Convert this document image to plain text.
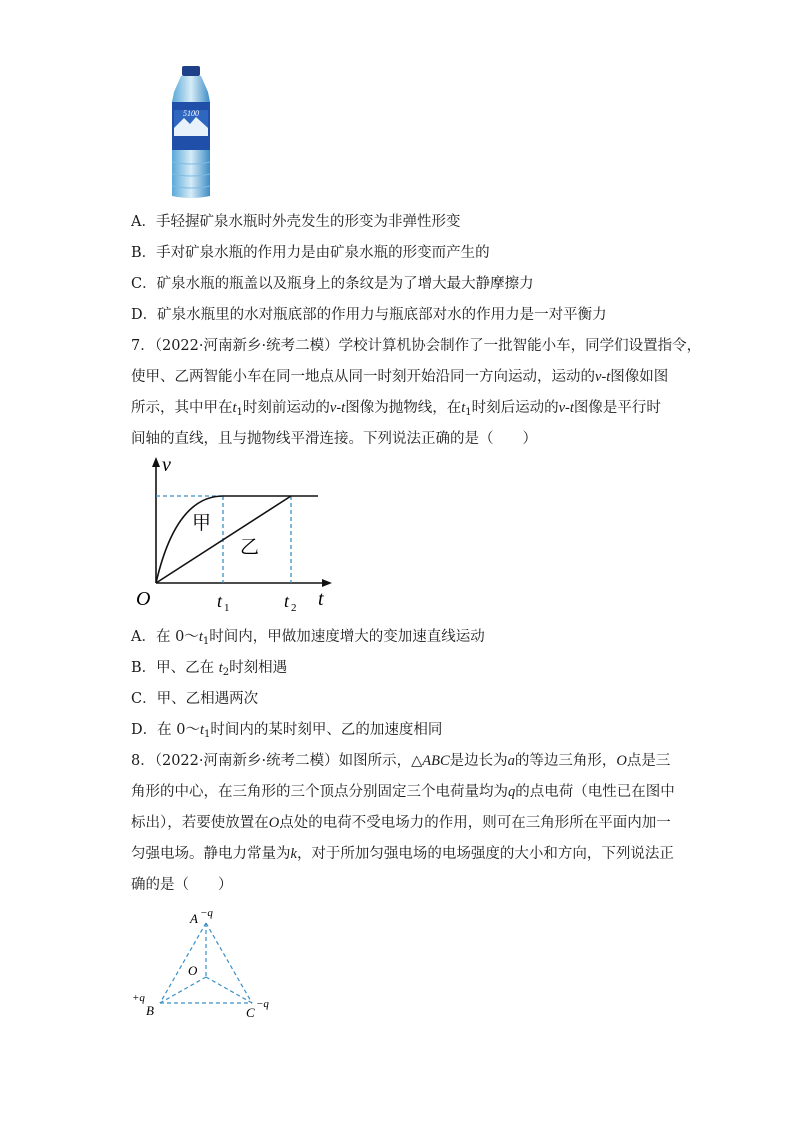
5100
A．手轻握矿泉水瓶时外壳发生的形变为非弹性形变
B．手对矿泉水瓶的作用力是由矿泉水瓶的形变而产生的
C．矿泉水瓶的瓶盖以及瓶身上的条纹是为了增大最大静摩擦力
D．矿泉水瓶里的水对瓶底部的作用力与瓶底部对水的作用力是一对平衡力
7．（2022·河南新乡·统考二模）学校计算机协会制作了一批智能小车，同学们设置指令，
使甲、乙两智能小车在同一地点从同一时刻开始沿同一方向运动，运动的v-t图像如图
所示，其中甲在$t_1$时刻前运动的v-t图像为抛物线，在$t_1$时刻后运动的v-t图像是平行时
间轴的直线，且与抛物线平滑连接。下列说法正确的是（　　）
v
t
O
甲
乙
t 1	t 2
A．在 $0\sim t_1$时间内，甲做加速度增大的变加速直线运动
B．甲、乙在 $t_2$时刻相遇
C．甲、乙相遇两次
D．在 $0\sim t_1$时间内的某时刻甲、乙的加速度相同
8．（2022·河南新乡·统考二模）如图所示，△ABC是边长为a的等边三角形，O点是三
角形的中心，在三角形的三个顶点分别固定三个电荷量均为q的点电荷（电性已在图中
标出），若要使放置在O点处的电荷不受电场力的作用，则可在三角形所在平面内加一
匀强电场。静电力常量为k，对于所加匀强电场的电场强度的大小和方向，下列说法正
确的是（　　）
A −q
O
+q
B	C
−q
